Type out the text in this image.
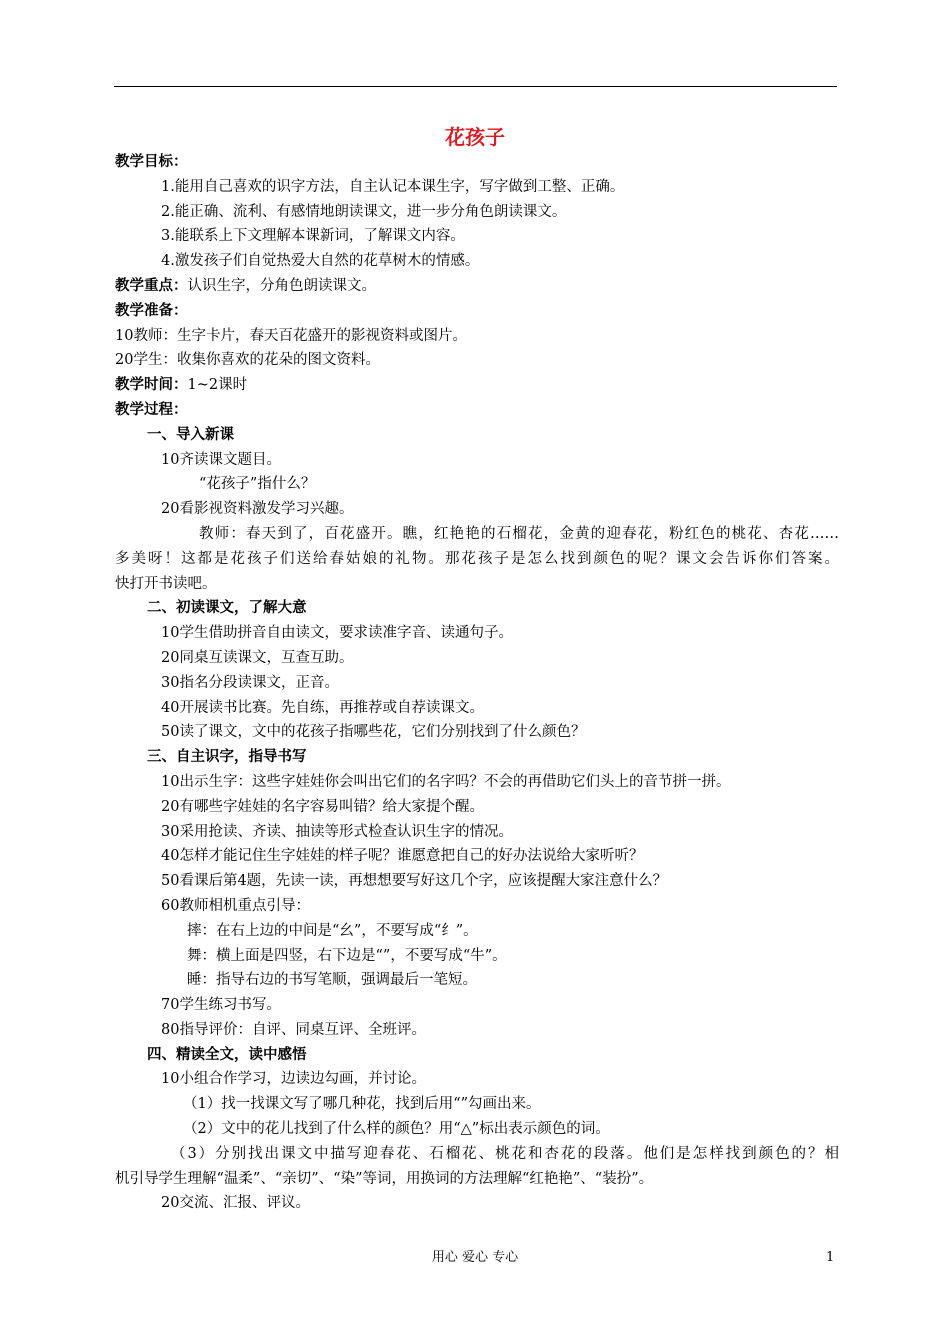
花孩子
教学目标：
1.能用自己喜欢的识字方法，自主认记本课生字，写字做到工整、正确。
2.能正确、流利、有感情地朗读课文，进一步分角色朗读课文。
3.能联系上下文理解本课新词，了解课文内容。
4.激发孩子们自觉热爱大自然的花草树木的情感。
教学重点：认识生字，分角色朗读课文。
教学准备：
10教师：生字卡片，春天百花盛开的影视资料或图片。
20学生：收集你喜欢的花朵的图文资料。
教学时间：1~2课时
教学过程：
一、导入新课
10齐读课文题目。
“花孩子”指什么？
20看影视资料激发学习兴趣。
教师：春天到了，百花盛开。瞧，红艳艳的石榴花，金黄的迎春花，粉红色的桃花、杏花……
多美呀！这都是花孩子们送给春姑娘的礼物。那花孩子是怎么找到颜色的呢？课文会告诉你们答案。
快打开书读吧。
二、初读课文，了解大意
10学生借助拼音自由读文，要求读准字音、读通句子。
20同桌互读课文，互查互助。
30指名分段读课文，正音。
40开展读书比赛。先自练，再推荐或自荐读课文。
50读了课文，文中的花孩子指哪些花，它们分别找到了什么颜色？
三、自主识字，指导书写
10出示生字：这些字娃娃你会叫出它们的名字吗？不会的再借助它们头上的音节拼一拼。
20有哪些字娃娃的名字容易叫错？给大家提个醒。
30采用抢读、齐读、抽读等形式检查认识生字的情况。
40怎样才能记住生字娃娃的样子呢？谁愿意把自己的好办法说给大家听听？
50看课后第4题，先读一读，再想想要写好这几个字，应该提醒大家注意什么？
60教师相机重点引导：
摔：在右上边的中间是“幺”，不要写成“纟”。
舞：横上面是四竖，右下边是“”，不要写成“牛”。
睡：指导右边的书写笔顺，强调最后一笔短。
70学生练习书写。
80指导评价：自评、同桌互评、全班评。
四、精读全文，读中感悟
10小组合作学习，边读边勾画，并讨论。
（1）找一找课文写了哪几种花，找到后用“”勾画出来。
（2）文中的花儿找到了什么样的颜色？用“△”标出表示颜色的词。
（3）分别找出课文中描写迎春花、石榴花、桃花和杏花的段落。他们是怎样找到颜色的？相
机引导学生理解“温柔”、“亲切”、“染”等词，用换词的方法理解“红艳艳”、“装扮”。
20交流、汇报、评议。
用心 爱心 专心	1
